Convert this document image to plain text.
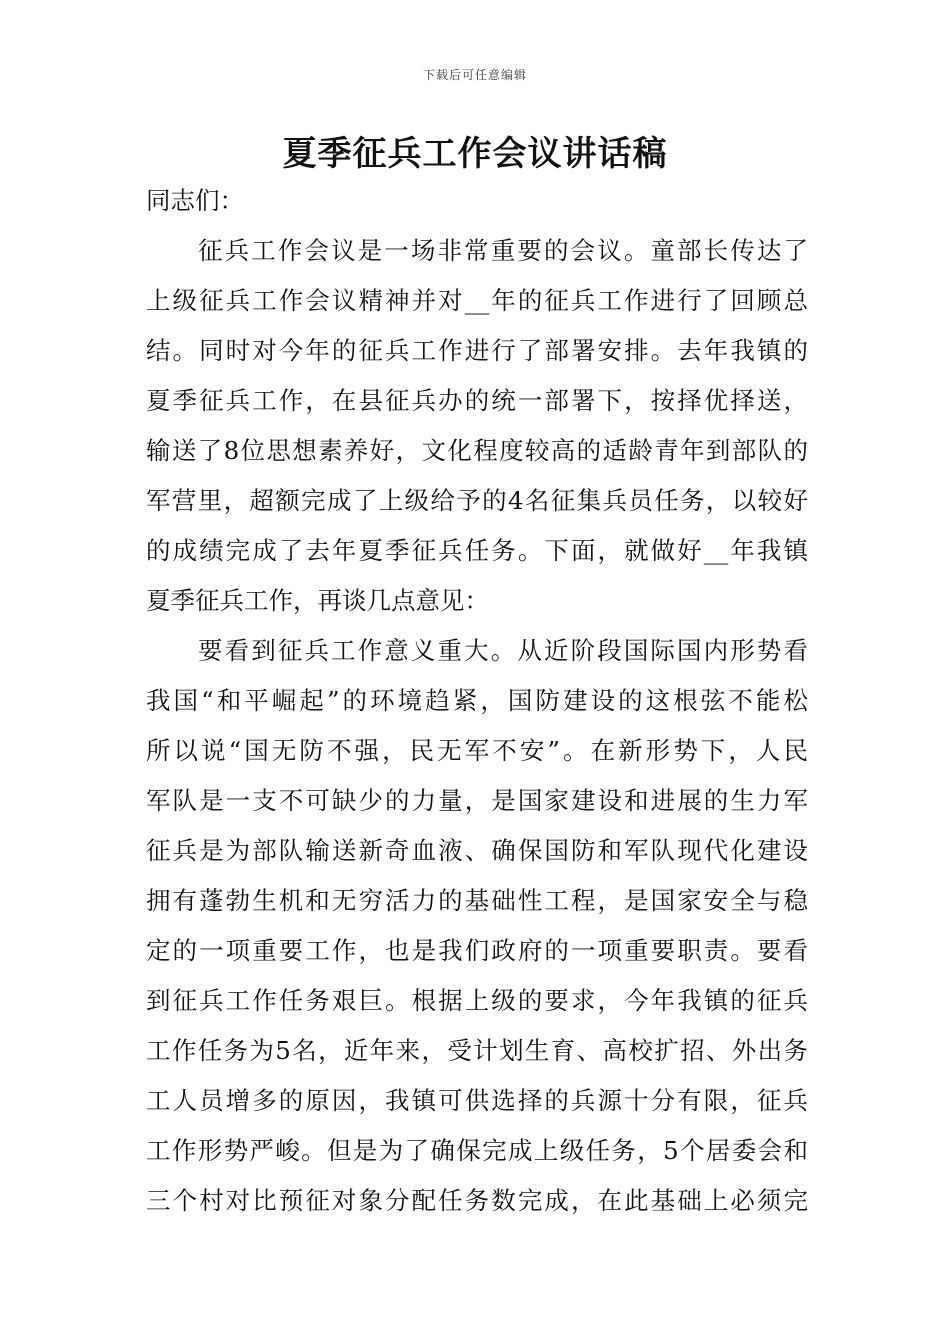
下载后可任意编辑
夏季征兵工作会议讲话稿
同志们：
征兵工作会议是一场非常重要的会议。童部长传达了
上级征兵工作会议精神并对__年的征兵工作进行了回顾总
结。同时对今年的征兵工作进行了部署安排。去年我镇的
夏季征兵工作，在县征兵办的统一部署下，按择优择送，
输送了8位思想素养好，文化程度较高的适龄青年到部队的
军营里，超额完成了上级给予的4名征集兵员任务，以较好
的成绩完成了去年夏季征兵任务。下面，就做好__年我镇
夏季征兵工作，再谈几点意见：
要看到征兵工作意义重大。从近阶段国际国内形势看
我国“和平崛起”的环境趋紧，国防建设的这根弦不能松
所以说“国无防不强，民无军不安”。在新形势下，人民
军队是一支不可缺少的力量，是国家建设和进展的生力军
征兵是为部队输送新奇血液、确保国防和军队现代化建设
拥有蓬勃生机和无穷活力的基础性工程，是国家安全与稳
定的一项重要工作，也是我们政府的一项重要职责。要看
到征兵工作任务艰巨。根据上级的要求，今年我镇的征兵
工作任务为5名，近年来，受计划生育、高校扩招、外出务
工人员增多的原因，我镇可供选择的兵源十分有限，征兵
工作形势严峻。但是为了确保完成上级任务，5个居委会和
三个村对比预征对象分配任务数完成，在此基础上必须完
